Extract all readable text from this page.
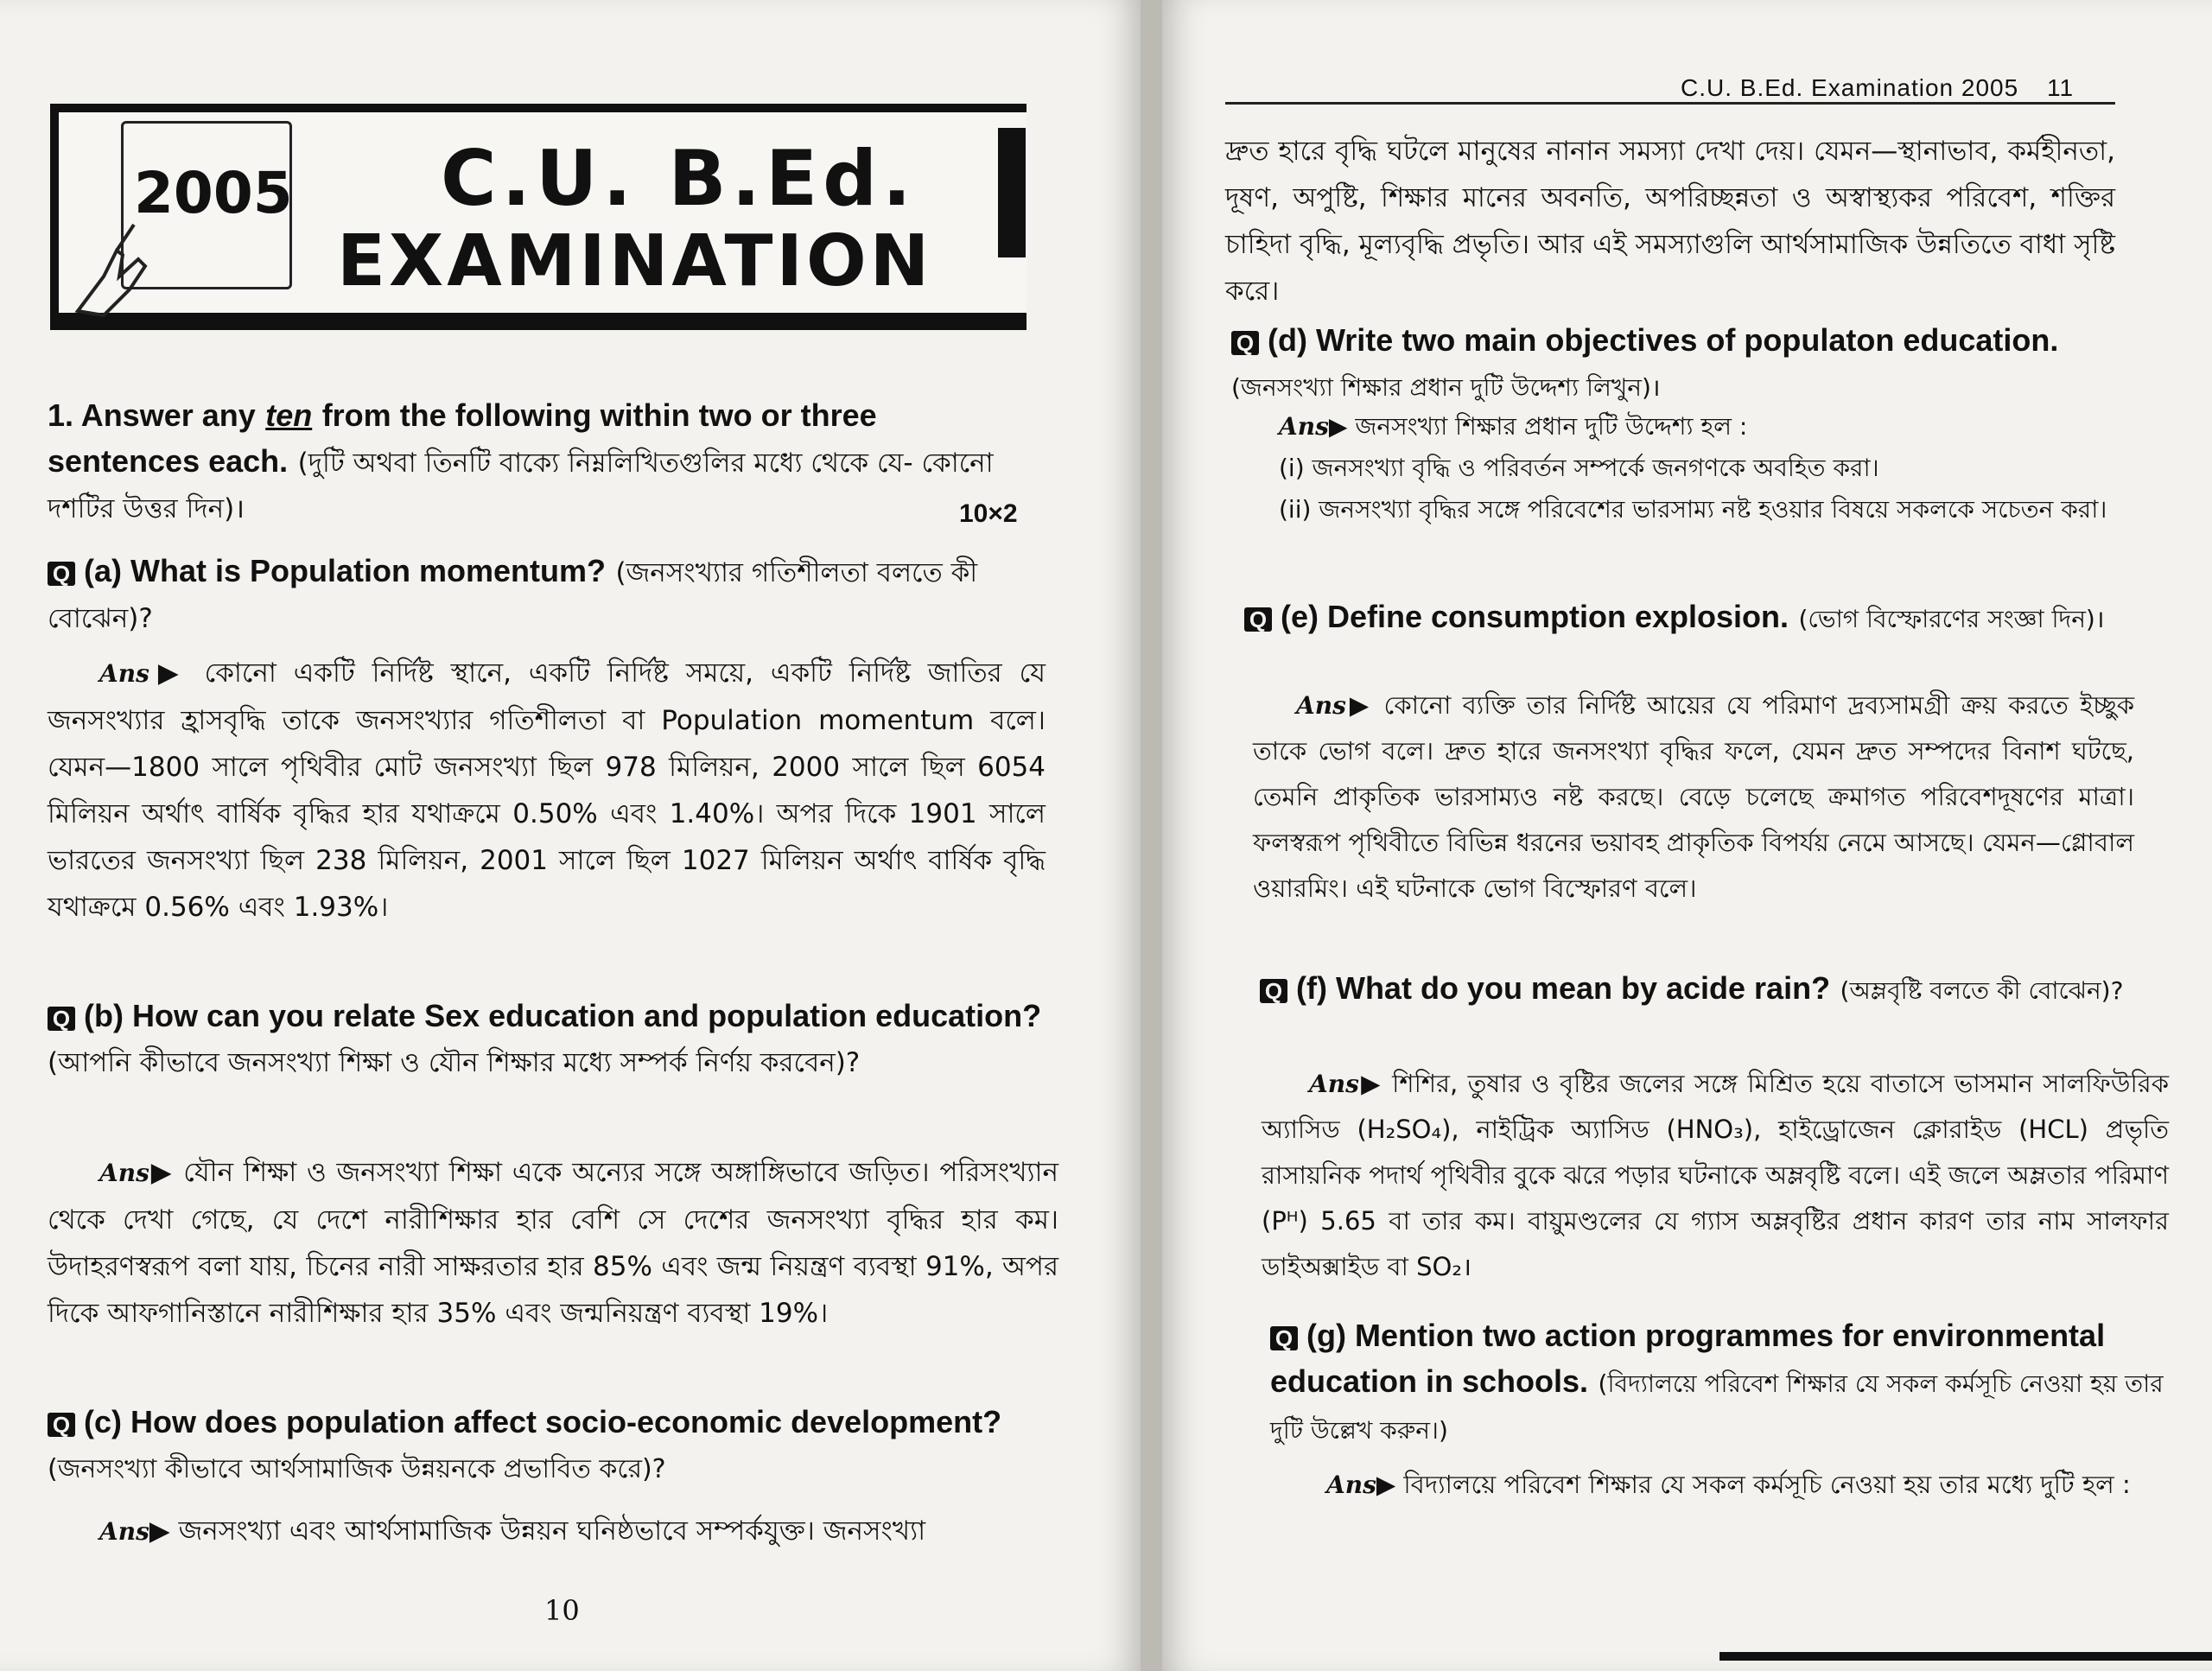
2005 C.U. B.Ed.
EXAMINATION
1. Answer any ten from the following within two or three sentences each. (দুটি অথবা তিনটি বাক্যে নিম্নলিখিতগুলির মধ্যে থেকে যে- কোনো দশটির উত্তর দিন)।	10×2
Q (a) What is Population momentum? (জনসংখ্যার গতিশীলতা বলতে কী বোঝেন)?
Ans▶ কোনো একটি নির্দিষ্ট স্থানে, একটি নির্দিষ্ট সময়ে, একটি নির্দিষ্ট জাতির যে জনসংখ্যার হ্রাসবৃদ্ধি তাকে জনসংখ্যার গতিশীলতা বা Population momentum বলে। যেমন—1800 সালে পৃথিবীর মোট জনসংখ্যা ছিল 978 মিলিয়ন, 2000 সালে ছিল 6054 মিলিয়ন অর্থাৎ বার্ষিক বৃদ্ধির হার যথাক্রমে 0.50% এবং 1.40%। অপর দিকে 1901 সালে ভারতের জনসংখ্যা ছিল 238 মিলিয়ন, 2001 সালে ছিল 1027 মিলিয়ন অর্থাৎ বার্ষিক বৃদ্ধি যথাক্রমে 0.56% এবং 1.93%।
Q (b) How can you relate Sex education and population education? (আপনি কীভাবে জনসংখ্যা শিক্ষা ও যৌন শিক্ষার মধ্যে সম্পর্ক নির্ণয় করবেন)?
Ans▶ যৌন শিক্ষা ও জনসংখ্যা শিক্ষা একে অন্যের সঙ্গে অঙ্গাঙ্গিভাবে জড়িত। পরিসংখ্যান থেকে দেখা গেছে, যে দেশে নারীশিক্ষার হার বেশি সে দেশের জনসংখ্যা বৃদ্ধির হার কম। উদাহরণস্বরূপ বলা যায়, চিনের নারী সাক্ষরতার হার 85% এবং জন্ম নিয়ন্ত্রণ ব্যবস্থা 91%, অপর দিকে আফগানিস্তানে নারীশিক্ষার হার 35% এবং জন্মনিয়ন্ত্রণ ব্যবস্থা 19%।
Q (c) How does population affect socio-economic development? (জনসংখ্যা কীভাবে আর্থসামাজিক উন্নয়নকে প্রভাবিত করে)?
Ans▶ জনসংখ্যা এবং আর্থসামাজিক উন্নয়ন ঘনিষ্ঠভাবে সম্পর্কযুক্ত। জনসংখ্যা
10
C.U. B.Ed. Examination 2005 11
দ্রুত হারে বৃদ্ধি ঘটলে মানুষের নানান সমস্যা দেখা দেয়। যেমন—স্থানাভাব, কর্মহীনতা, দূষণ, অপুষ্টি, শিক্ষার মানের অবনতি, অপরিচ্ছন্নতা ও অস্বাস্থ্যকর পরিবেশ, শক্তির চাহিদা বৃদ্ধি, মূল্যবৃদ্ধি প্রভৃতি। আর এই সমস্যাগুলি আর্থসামাজিক উন্নতিতে বাধা সৃষ্টি করে।
Q (d) Write two main objectives of populaton education. (জনসংখ্যা শিক্ষার প্রধান দুটি উদ্দেশ্য লিখুন)।
Ans▶ জনসংখ্যা শিক্ষার প্রধান দুটি উদ্দেশ্য হল :
(i) জনসংখ্যা বৃদ্ধি ও পরিবর্তন সম্পর্কে জনগণকে অবহিত করা।
(ii) জনসংখ্যা বৃদ্ধির সঙ্গে পরিবেশের ভারসাম্য নষ্ট হওয়ার বিষয়ে সকলকে সচেতন করা।
Q (e) Define consumption explosion. (ভোগ বিস্ফোরণের সংজ্ঞা দিন)।
Ans▶ কোনো ব্যক্তি তার নির্দিষ্ট আয়ের যে পরিমাণ দ্রব্যসামগ্রী ক্রয় করতে ইচ্ছুক তাকে ভোগ বলে। দ্রুত হারে জনসংখ্যা বৃদ্ধির ফলে, যেমন দ্রুত সম্পদের বিনাশ ঘটছে, তেমনি প্রাকৃতিক ভারসাম্যও নষ্ট করছে। বেড়ে চলেছে ক্রমাগত পরিবেশদূষণের মাত্রা। ফলস্বরূপ পৃথিবীতে বিভিন্ন ধরনের ভয়াবহ প্রাকৃতিক বিপর্যয় নেমে আসছে। যেমন—গ্লোবাল ওয়ারমিং। এই ঘটনাকে ভোগ বিস্ফোরণ বলে।
Q (f) What do you mean by acide rain? (অম্লবৃষ্টি বলতে কী বোঝেন)?
Ans▶ শিশির, তুষার ও বৃষ্টির জলের সঙ্গে মিশ্রিত হয়ে বাতাসে ভাসমান সালফিউরিক অ্যাসিড (H₂SO₄), নাইট্রিক অ্যাসিড (HNO₃), হাইড্রোজেন ক্লোরাইড (HCL) প্রভৃতি রাসায়নিক পদার্থ পৃথিবীর বুকে ঝরে পড়ার ঘটনাকে অম্লবৃষ্টি বলে। এই জলে অম্লতার পরিমাণ (Pᴴ) 5.65 বা তার কম। বায়ুমণ্ডলের যে গ্যাস অম্লবৃষ্টির প্রধান কারণ তার নাম সালফার ডাইঅক্সাইড বা SO₂।
Q (g) Mention two action programmes for environmental education in schools. (বিদ্যালয়ে পরিবেশ শিক্ষার যে সকল কর্মসূচি নেওয়া হয় তার দুটি উল্লেখ করুন।)
Ans▶ বিদ্যালয়ে পরিবেশ শিক্ষার যে সকল কর্মসূচি নেওয়া হয় তার মধ্যে দুটি হল :
